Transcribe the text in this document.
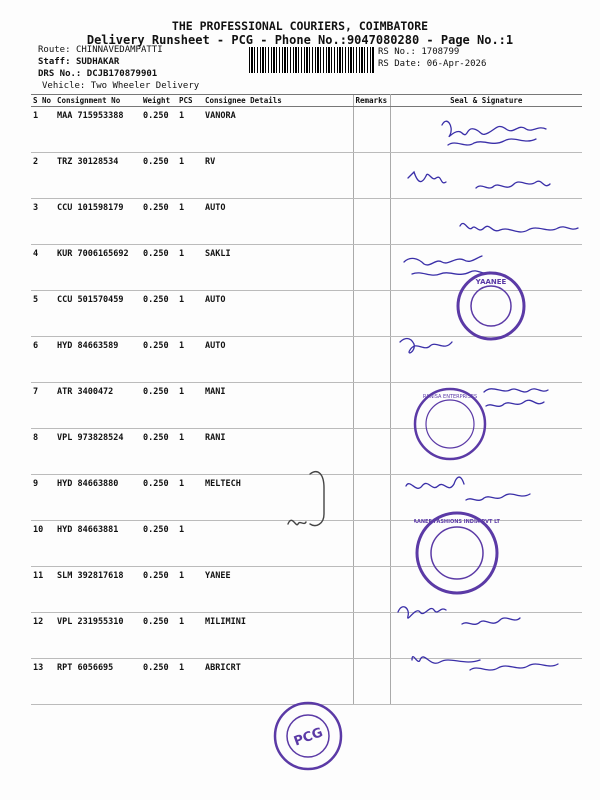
THE PROFESSIONAL COURIERS, COIMBATORE
Delivery Runsheet - PCG - Phone No.:9047080280 - Page No.:1
Route: CHINNAVEDAMPATTI
Staff: SUDHAKAR
DRS No.: DCJB170879901
Vehicle: Two Wheeler Delivery
RS No.: 1708799
RS Date: 06-Apr-2026
S No	Consignment No	Weight	PCS	Consignee Details	Remarks	Seal & Signature
1	MAA 715953388	0.250	1	VANORA		
2	TRZ 30128534	0.250	1	RV		
3	CCU 101598179	0.250	1	AUTO		
4	KUR 7006165692	0.250	1	SAKLI		
5	CCU 501570459	0.250	1	AUTO		
6	HYD 84663589	0.250	1	AUTO		
7	ATR 3400472	0.250	1	MANI		
8	VPL 973828524	0.250	1	RANI		
9	HYD 84663880	0.250	1	MELTECH		
10	HYD 84663881	0.250	1			
11	SLM 392817618	0.250	1	YANEE		
12	VPL 231955310	0.250	1	MILIMINI		
13	RPT 6056695	0.250	1	ABRICRT		
YAANEE
RANISA ENTERPRISES
YAANEE FASHIONS INDIA PVT LTD
PCG
